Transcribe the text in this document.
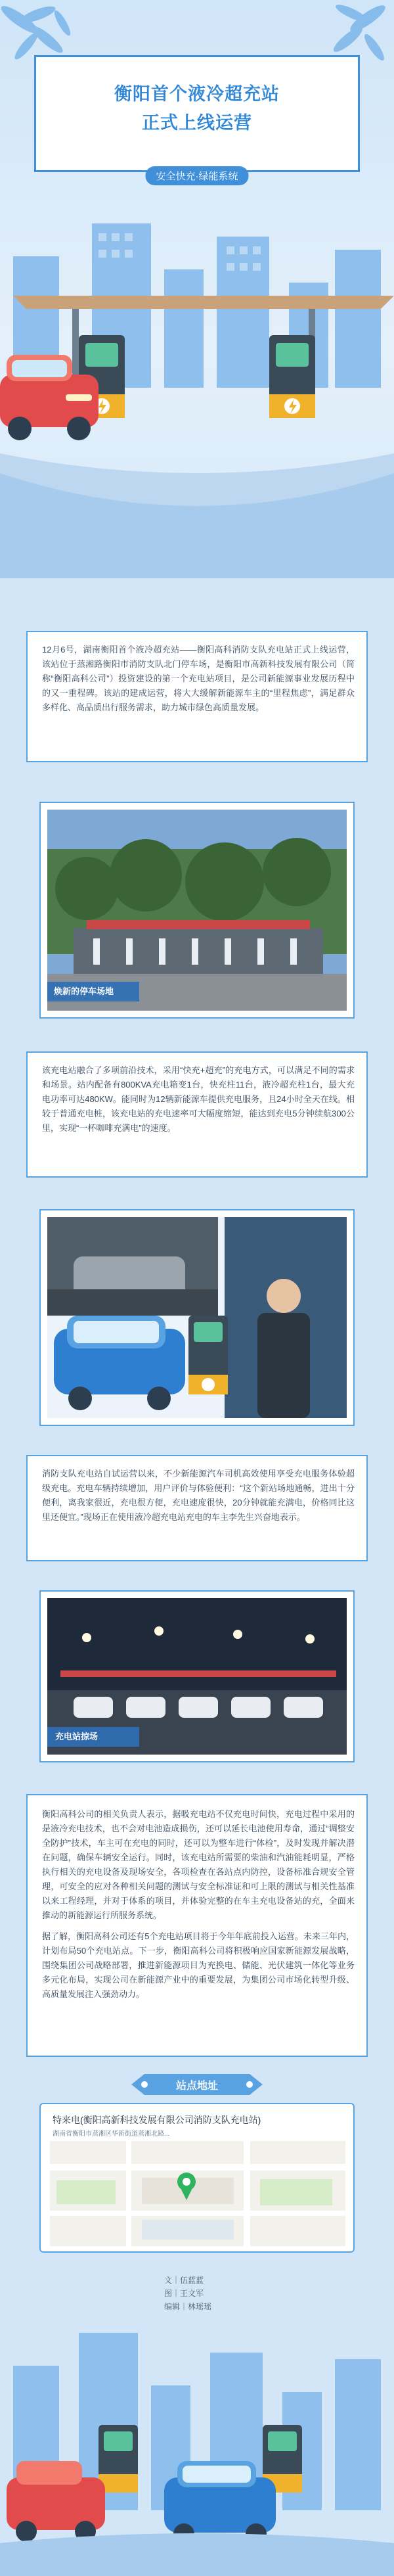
衡阳首个液冷超充站
正式上线运营
安全快充·绿能系统

12月6号，湖南衡阳首个液冷超充站——衡阳高科消防支队充电站正式上线运营，该站位于蒸湘路衡阳市消防支队北门停车场，是衡阳市高新科技发展有限公司（简称“衡阳高科公司”）投资建设的第一个充电站项目，是公司新能源事业发展历程中的又一重程碑。该站的建成运营，将大大缓解新能源车主的“里程焦虑”，满足群众多样化、高品质出行服务需求，助力城市绿色高质量发展。

焕新的停车场地

该充电站融合了多项前沿技术，采用“快充+超充”的充电方式，可以满足不同的需求和场景。站内配备有800KVA充电箱变1台，快充柱11台，液冷超充柱1台，最大充电功率可达480KW。能同时为12辆新能源车提供充电服务，且24小时全天在线。相较于普通充电桩，该充电站的充电速率可大幅度缩短，能达到充电5分钟续航300公里，实现“一杯咖啡充满电”的速度。

消防支队充电站自试运营以来，不少新能源汽车司机高效使用享受充电服务体验超级充电。充电车辆持续增加，用户评价与体验便利：“这个新站场地通畅，进出十分便利，离我家很近，充电很方便，充电速度很快，20分钟就能充满电，价格同比这里还便宜。”现场正在使用液冷超充电站充电的车主李先生兴奋地表示。

充电站掠场

衡阳高科公司的相关负责人表示，据吸充电站不仅充电时间快，充电过程中采用的是液冷充电技术，也不会对电池造成损伤，还可以延长电池使用寿命，通过“调整安全防护”技术，车主可在充电的同时，还可以为整车进行“体检”，及时发现并解决潜在问题，确保车辆安全运行。同时，该充电站所需要的柴油和汽油能耗明显，严格执行相关的充电设备及现场安全，各项检查在各站点内防控，设备标准合规安全管理，可安全的应对各种相关问题的测试与安全标准证和可上限的测试与相关性基准以来工程经理，并对于体系的项目，并体验完整的在车主充电设备站的充，全面来推动的新能源运行所服务系统。

据了解，衡阳高科公司还有5个充电站项目将于今年年底前投入运营。未来三年内，计划布局50个充电站点。下一步，衡阳高科公司将积极响应国家新能源发展战略，围绕集团公司战略部署，推进新能源项目为充换电、储能、光伏建筑一体化等业务多元化布局，实现公司在新能源产业中的重要发展，为集团公司市场化转型升级、高质量发展注入强劲动力。

站点地址
特来电(衡阳高新科技发展有限公司消防支队充电站)
湖南省衡阳市蒸湘区华新街道蒸湘北路...
文｜伍蓝蓝
图｜王文军
编辑｜林瑶瑶
